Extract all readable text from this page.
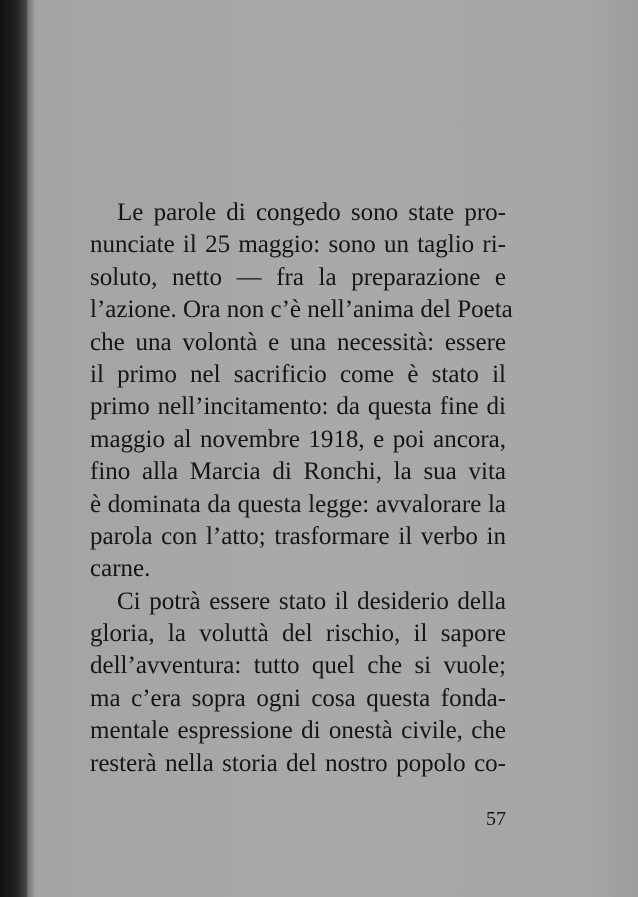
Le parole di congedo sono state pro-
nunciate il 25 maggio: sono un taglio ri-
soluto, netto — fra la preparazione e
l’azione. Ora non c’è nell’anima del Poeta
che una volontà e una necessità: essere
il primo nel sacrificio come è stato il
primo nell’incitamento: da questa fine di
maggio al novembre 1918, e poi ancora,
fino alla Marcia di Ronchi, la sua vita
è dominata da questa legge: avvalorare la
parola con l’atto; trasformare il verbo in
carne.
Ci potrà essere stato il desiderio della
gloria, la voluttà del rischio, il sapore
dell’avventura: tutto quel che si vuole;
ma c’era sopra ogni cosa questa fonda-
mentale espressione di onestà civile, che
resterà nella storia del nostro popolo co-
57
